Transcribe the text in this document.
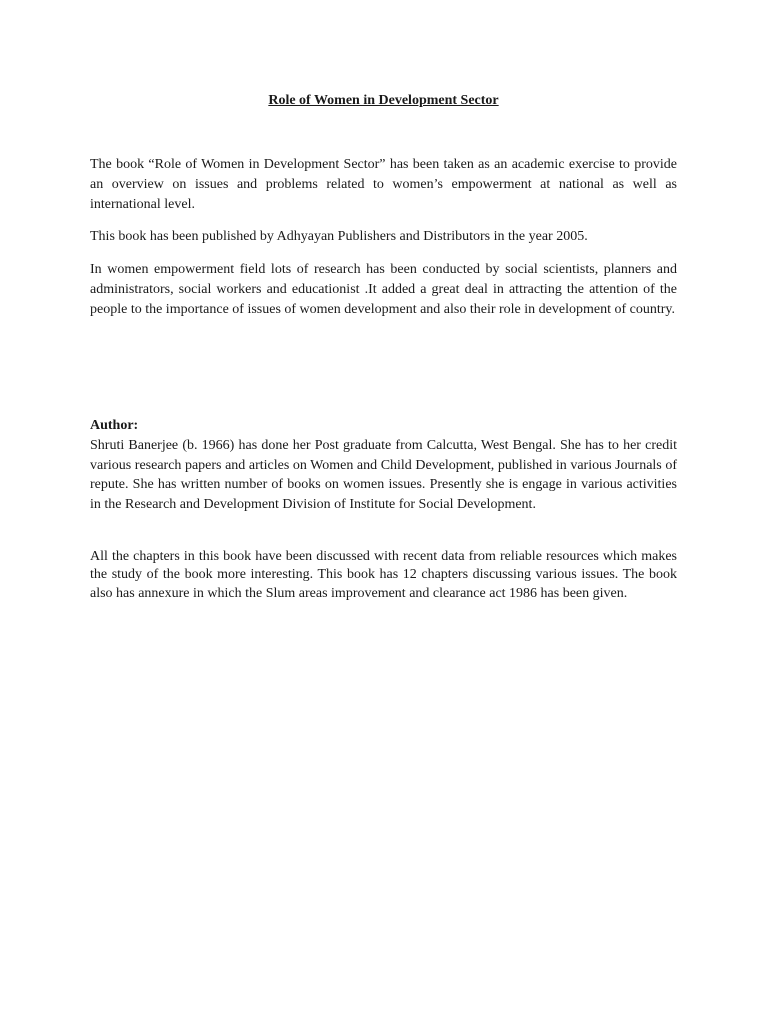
Role of Women in Development Sector

The book “Role of Women in Development Sector” has been taken as an academic exercise to provide an overview on issues and problems related to women’s empowerment at national as well as international level.

This book has been published by Adhyayan Publishers and Distributors in the year 2005.

In women empowerment field lots of research has been conducted by social scientists, planners and administrators, social workers and educationist .It added a great deal in attracting the attention of the people to the importance of issues of women development and also their role in development of country.

Author:

Shruti Banerjee (b. 1966) has done her Post graduate from Calcutta, West Bengal. She has to her credit various research papers and articles on Women and Child Development, published in various Journals of repute. She has written number of books on women issues. Presently she is engage in various activities in the Research and Development Division of Institute for Social Development.

All the chapters in this book have been discussed with recent data from reliable resources which makes the study of the book more interesting. This book has 12 chapters discussing various issues. The book also has annexure in which the Slum areas improvement and clearance act 1986 has been given.
